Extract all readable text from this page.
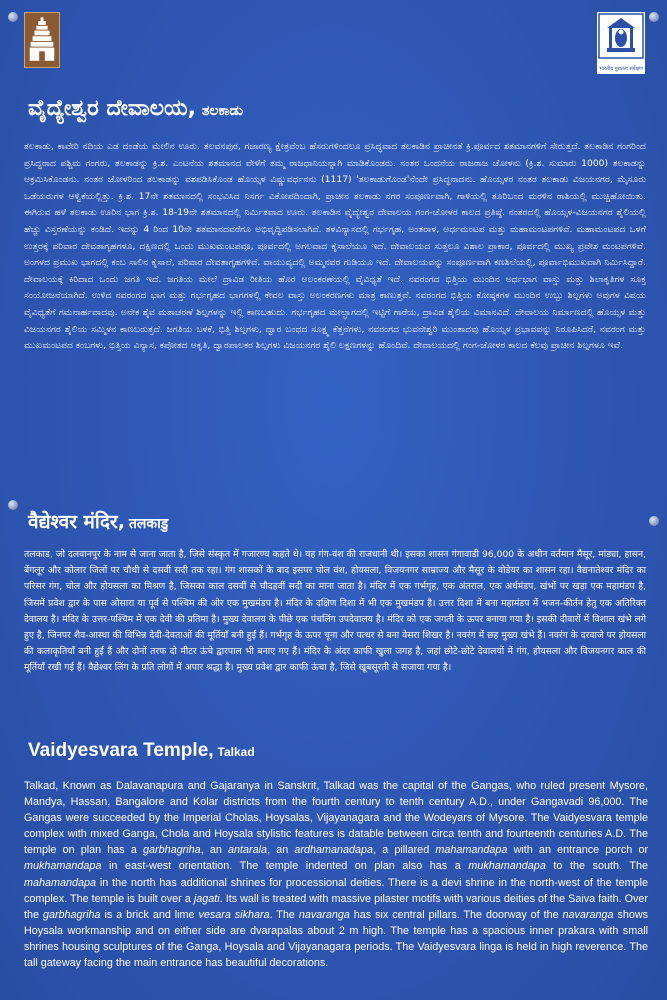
भारतीय पुरातत्व सर्वेक्षण
ವೈದ್ಯೇಶ್ವರ ದೇವಾಲಯ, ತಲಕಾಡು
ತಲಕಾಡು, ಕಾವೇರಿ ನದಿಯ ಎಡ ದಂಡೆಯ ಮೇಲಿನ ಊರು. ತಲವನಪುರ, ಗಜಾರಣ್ಯ ಕ್ಷೇತ್ರವೆಂಬ ಹೆಸರುಗಳಿಂದಲೂ ಪ್ರಸಿದ್ಧವಾದ ತಲಕಾಡಿನ ಪ್ರಾಚೀನತೆ ಕ್ರಿ.ಪೂರ್ವದ ಶತಮಾನಗಳಿಗೆ ಸೇರುತ್ತದೆ. ತಲಕಾಡಿನ ಗಂಗರಿಂದ ಪ್ರಸಿದ್ಧರಾದ ಪಶ್ಚಿಮ ಗಂಗರು, ತಲಕಾಡನ್ನು ಕ್ರಿ.ಶ. ಎಂಟನೆಯ ಶತಮಾನದ ವೇಳೆಗೆ ತಮ್ಮ ರಾಜಧಾನಿಯನ್ನಾಗಿ ಮಾಡಿಕೊಂಡರು. ನಂತರ ಒಂದನೆಯ ರಾಜರಾಜ ಚೋಳನು (ಕ್ರಿ.ಶ. ಸುಮಾರು 1000) ತಲಕಾಡನ್ನು ಆಕ್ರಮಿಸಿಕೊಂಡನು. ನಂತರ ಚೋಳರಿಂದ ತಲಕಾಡನ್ನು ವಶಪಡಿಸಿಕೊಂಡ ಹೊಯ್ಸಳ ವಿಷ್ಣುವರ್ಧನನು (1117) 'ತಲಕಾಡುಗೊಂಡ'ನೆಂದೇ ಪ್ರಸಿದ್ಧನಾದನು. ಹೊಯ್ಸಳರ ನಂತರ ತಲಕಾಡು ವಿಜಯನಗರ, ಮೈಸೂರು ಒಡೆಯರುಗಳ ಆಳ್ವಿಕೆಯಲ್ಲಿತ್ತು. ಕ್ರಿ.ಶ. 17ನೇ ಶತಮಾನದಲ್ಲಿ ಸಂಭವಿಸಿದ ನಿಸರ್ಗ ವಿಕೋಪದಿಂದಾಗಿ, ಪ್ರಾಚೀನ ತಲಕಾಡು ನಗರ ಸಂಪೂರ್ಣವಾಗಿ, ಗಾಳಿಯಲ್ಲಿ ತೂರಿಬಂದ ಮರಳಿನ ರಾಶಿಯಲ್ಲಿ ಮುಚ್ಚಿಹೋಯಿತು. ಈಗಿರುವ ಹಳೆ ತಲಕಾಡು ಊರಿನ ಭಾಗ ಕ್ರಿ.ಶ. 18-19ನೇ ಶತಮಾನದಲ್ಲಿ ನಿರ್ಮಿತವಾದ ಊರು. ತಲಕಾಡಿನ ವೈದ್ಯೇಶ್ವರ ದೇವಾಲಯ ಗಂಗ-ಚೋಳರ ಕಾಲದ ಪ್ರತಿಷ್ಠೆ. ನಂತರದಲ್ಲಿ ಹೊಯ್ಸಳ-ವಿಜಯನಗರ ಶೈಲಿಯಲ್ಲಿ ಹೆಚ್ಚು ವಿಸ್ತರಣೆಯನ್ನು ಕಂಡಿದೆ. ಇದನ್ನು 4 ರಿಂದ 10ನೇ ಶತಮಾನದವರೆಗೂ ಅಭಿವೃದ್ಧಿಪಡಿಸಲಾಗಿದೆ. ತಳವಿನ್ಯಾಸದಲ್ಲಿ ಗರ್ಭಗೃಹ, ಅಂತರಾಳ, ಅರ್ಧಮಂಟಪ ಮತ್ತು ಮಹಾಮಂಟಪಗಳಿವೆ. ಮಹಾಮಂಟಪದ ಒಳಗೆ ಉತ್ತರಕ್ಕೆ ಪರಿವಾರ ದೇವತಾಗೃಹಗಳೂ, ದಕ್ಷಿಣದಲ್ಲಿ ಒಂದು ಮುಖಮಂಟಪವೂ, ಪೂರ್ವದಲ್ಲಿ ಅಗಲವಾದ ಕೈಸಾಲೆಯೂ ಇದೆ. ದೇವಾಲಯದ ಸುತ್ತಲೂ ವಿಶಾಲ ಪ್ರಾಕಾರ, ಪೂರ್ವದಲ್ಲಿ ಮುಖ್ಯ ಪ್ರವೇಶ ಮಂಟಪಗಳಿವೆ. ಅಂಗಳದ ಪ್ರಮುಖ ಭಾಗದಲ್ಲಿ ಕಂಬ ಸಾಲಿನ ಕೈಸಾಲೆ, ಪರಿವಾರ ದೇವತಾಗೃಹಗಳಿವೆ. ವಾಯುವ್ಯದಲ್ಲಿ ಅಮ್ಮನವರ ಗುಡಿಯೂ ಇದೆ. ದೇವಾಲಯವನ್ನು ಸಂಪೂರ್ಣವಾಗಿ ಕಣಶಿಲೆಯಲ್ಲಿ, ಪೂರ್ವಾಭಿಮುಖವಾಗಿ ನಿರ್ಮಿಸಿದ್ದಾರೆ. ದೇವಾಲಯಕ್ಕೆ ಕಿರಿದಾದ ಒಂದು ಜಗತಿ ಇದೆ. ಜಗತಿಯ ಮೇಲೆ ದ್ರಾವಿಡ ರೀತಿಯ ಹೊರ ಅಲಂಕರಣೆಯಲ್ಲಿ ವೈವಿಧ್ಯತೆ ಇದೆ. ನವರಂಗದ ಭಿತ್ತಿಯ ಮುಂದಿನ ಅರ್ಧಭಾಗ ವಾಸ್ತು ಮತ್ತು ಶಿಲಾಕೃತಿಗಳ ಸೂಕ್ತ ಸಂಯೋಜನೆಯಾಗಿದೆ. ಉಳಿದ ನವರಂಗದ ಭಾಗ ಮತ್ತು ಗರ್ಭಗೃಹದ ಭಾಗಗಳಲ್ಲಿ ಕೇವಲ ವಾಸ್ತು ಅಲಂಕರಣಗಳು ಮಾತ್ರ ಕಾಣುತ್ತವೆ. ನವರಂಗದ ಭಿತ್ತಿಯ ಕೋಷ್ಠಕಗಳ ಮುಂದಿನ ಉಬ್ಬು ಶಿಲ್ಪಗಳು ಅವುಗಳ ವಿಷಯ ವೈವಿಧ್ಯತೆಗೆ ಗಮನಾರ್ಹವಾದವು. ಅನೇಕ ಶೈವ ಮತಾಚರಣೆ ಶಿಲ್ಪಗಳನ್ನು ಇಲ್ಲಿ ಕಾಣಬಹುದು. ಗರ್ಭಗೃಹದ ಮೇಲ್ಭಾಗದಲ್ಲಿ ಇಟ್ಟಿಗೆ ಗಾರೆಯ, ದ್ರಾವಿಡ ಶೈಲಿಯ ವಿಮಾನವಿದೆ. ದೇವಾಲಯ ನಿರ್ಮಾಣದಲ್ಲಿ ಹೊಯ್ಸಳ ಮತ್ತು ವಿಜಯನಗರ ಶೈಲಿಯ ಸಮ್ಮಿಳನ ಕಾಣಬರುತ್ತದೆ. ಜಗತಿಯ ಬಳಕೆ, ಭಿತ್ತಿ ಶಿಲ್ಪಗಳು, ದ್ವಾರ ಬಂಧದ ಸೂಕ್ಷ್ಮ ಕೆತ್ತನೆಗಳು, ನವರಂಗದ ಭುವನೇಶ್ವರಿ ಮುಂತಾದವು ಹೊಯ್ಸಳ ಪ್ರಭಾವವನ್ನು ನಿರೂಪಿಸಿದರೆ, ನವರಂಗ ಮತ್ತು ಮುಖಮಂಟಪದ ಕಂಬಗಳು, ಭಿತ್ತಿಯ ವಿನ್ಯಾಸ, ಕಪೋತದ ಆಕೃತಿ, ದ್ವಾರಪಾಲಕರ ಶಿಲ್ಪಗಳು ವಿಜಯನಗರ ಶೈಲಿ ಲಕ್ಷಣಗಳನ್ನು ಹೊಂದಿವೆ. ದೇವಾಲಯದಲ್ಲಿ ಗಂಗ-ಚೋಳರ ಕಾಲದ ಕೆಲವು ಪ್ರಾಚೀನ ಶಿಲ್ಪಗಳೂ ಇವೆ.
वैद्येश्वर मंदिर, तलकाडु
तलकाड, जो दलवानपुर के नाम से जाना जाता है, जिसे संस्कृत में गजारण्य कहते थे। यह गंग-वंश की राजधानी थी। इसका शासन गंगावाडी 96,000 के अधीन वर्तमान मैसूर, मांड्या, हासन, बेंगलूर और कोलार जिलों पर चौथी से दसवीं सदी तक रहा। गंग शासकों के बाद इसपर चोल वंश, होयसला, विजयनगर साम्राज्य और मैसूर के वोडेयर का शासन रहा। वैद्यनातेश्वर मंदिर का परिसर गंग, चोल और होयसला का मिश्रण है, जिसका काल दसवीं से चौदहवीं सदी का माना जाता है। मंदिर में एक गर्भगृह, एक अंतराल, एक अर्धमंडप, खंभों पर खड़ा एक महामंडप है, जिसमें प्रवेश द्वार के पास ओसारा या पूर्व से पश्चिम की ओर एक मुखमंडप है। मंदिर के दक्षिण दिशा में भी एक मुखमंडप है। उत्तर दिशा में बना महामंडप में भजन-कीर्तन हेतु एक अतिरिक्त देवालय है। मंदिर के उत्तर-पश्चिम में एक देवी की प्रतिमा है। मुख्य देवालय के पीछे एक पंचलिंग उपदेवालय है। मंदिर को एक जगती के ऊपर बनाया गया है। इसकी दीवारों में विशाल खंभे लगे हुए है, जिनपर शैव-आस्था की विभिन्न देवी-देवताओं की मूर्तियाँ बनी हुईं हैं। गर्भगृह के ऊपर चूना और पत्थर से बना वेसरा शिखर है। नवरंग में छह मुख्य खंभे हैं। नवरंग के दरवाजे पर होयसला की कलाकृतियाँ बनी हुईं हैं और दोनों तरफ दो मीटर ऊंचे द्वारपाल भी बनाए गए हैं। मंदिर के अंदर काफी खुला जगह है, जहां छोटे-छोटे देवालयों में गंग, होयसला और विजयनगर काल की मूर्तियाँ रखी गई हैं। वैद्येश्वर लिंग के प्रति लोगों में अपार श्रद्धा है। मुख्य प्रवेश द्वार काफी ऊंचा है, जिसे खूबसूरती से सजाया गया है।
Vaidyesvara Temple, Talkad
Talkad, Known as Dalavanapura and Gajaranya in Sanskrit, Talkad was the capital of the Gangas, who ruled present Mysore, Mandya, Hassan, Bangalore and Kolar districts from the fourth century to tenth century A.D., under Gangavadi 96,000. The Gangas were succeeded by the Imperial Cholas, Hoysalas, Vijayanagara and the Wodeyars of Mysore. The Vaidyesvara temple complex with mixed Ganga, Chola and Hoysala stylistic features is datable between circa tenth and fourteenth centuries A.D. The temple on plan has a garbhagriha, an antarala, an ardhamanadapa, a pillared mahamandapa with an entrance porch or mukhamandapa in east-west orientation. The temple indented on plan also has a mukhamandapa to the south. The mahamandapa in the north has additional shrines for processional deities. There is a devi shrine in the north-west of the temple complex. The temple is built over a jagati. Its wall is treated with massive pilaster motifs with various deities of the Saiva faith. Over the garbhagriha is a brick and lime vesara sikhara. The navaranga has six central pillars. The doorway of the navaranga shows Hoysala workmanship and on either side are dvarapalas about 2 m high. The temple has a spacious inner prakara with small shrines housing sculptures of the Ganga, Hoysala and Vijayanagara periods. The Vaidyesvara linga is held in high reverence. The tall gateway facing the main entrance has beautiful decorations.
